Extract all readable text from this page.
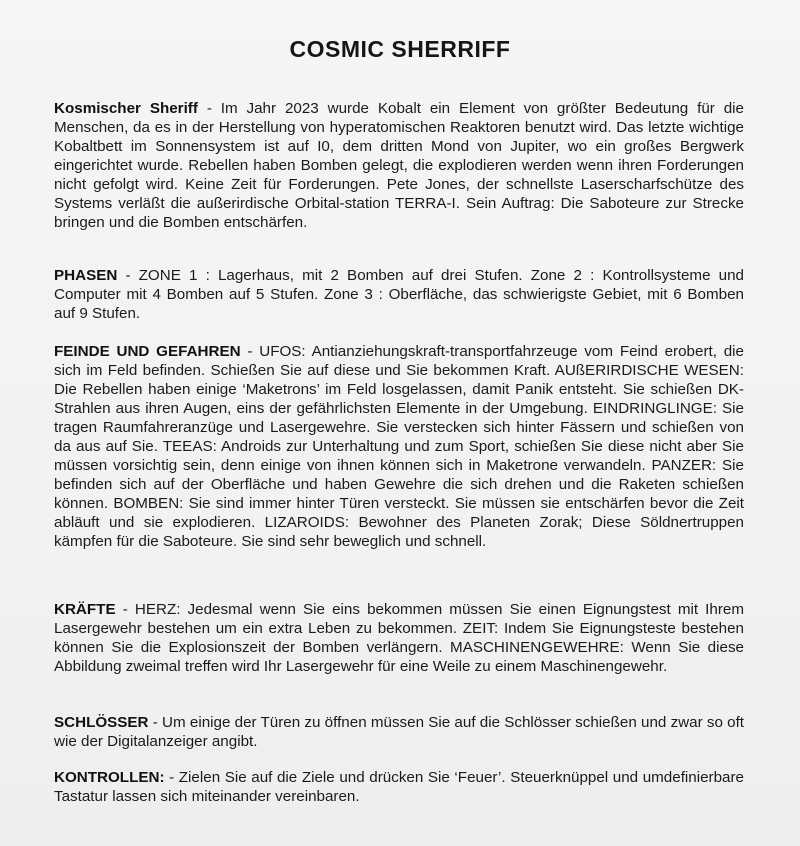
COSMIC SHERRIFF
Kosmischer Sheriff - Im Jahr 2023 wurde Kobalt ein Element von größter Bedeutung für die Menschen, da es in der Herstellung von hyperatomischen Reaktoren benutzt wird. Das letzte wichtige Kobaltbett im Sonnensystem ist auf I0, dem dritten Mond von Jupiter, wo ein großes Bergwerk eingerichtet wurde. Rebellen haben Bomben gelegt, die explodieren werden wenn ihren Forderungen nicht gefolgt wird. Keine Zeit für Forderungen. Pete Jones, der schnellste Laserscharfschütze des Systems verläßt die außerirdische Orbital-station TERRA-I. Sein Auftrag: Die Saboteure zur Strecke bringen und die Bomben entschärfen.
PHASEN - ZONE 1 : Lagerhaus, mit 2 Bomben auf drei Stufen. Zone 2 : Kontrollsysteme und Computer mit 4 Bomben auf 5 Stufen. Zone 3 : Oberfläche, das schwierigste Gebiet, mit 6 Bomben auf 9 Stufen.
FEINDE UND GEFAHREN - UFOS: Antianziehungskraft-transportfahrzeuge vom Feind erobert, die sich im Feld befinden. Schießen Sie auf diese und Sie bekommen Kraft. AUßERIRDISCHE WESEN: Die Rebellen haben einige ‘Maketrons’ im Feld losgelassen, damit Panik entsteht. Sie schießen DK-Strahlen aus ihren Augen, eins der gefährlichsten Elemente in der Umgebung. EINDRINGLINGE: Sie tragen Raumfahreranzüge und Lasergewehre. Sie verstecken sich hinter Fässern und schießen von da aus auf Sie. TEEAS: Androids zur Unterhaltung und zum Sport, schießen Sie diese nicht aber Sie müssen vorsichtig sein, denn einige von ihnen können sich in Maketrone verwandeln. PANZER: Sie befinden sich auf der Oberfläche und haben Gewehre die sich drehen und die Raketen schießen können. BOMBEN: Sie sind immer hinter Türen versteckt. Sie müssen sie entschärfen bevor die Zeit abläuft und sie explodieren. LIZAROIDS: Bewohner des Planeten Zorak; Diese Söldnertruppen kämpfen für die Saboteure. Sie sind sehr beweglich und schnell.
KRÄFTE - HERZ: Jedesmal wenn Sie eins bekommen müssen Sie einen Eignungstest mit Ihrem Lasergewehr bestehen um ein extra Leben zu bekommen. ZEIT: Indem Sie Eignungsteste bestehen können Sie die Explosionszeit der Bomben verlängern. MASCHINENGEWEHRE: Wenn Sie diese Abbildung zweimal treffen wird Ihr Lasergewehr für eine Weile zu einem Maschinengewehr.
SCHLÖSSER - Um einige der Türen zu öffnen müssen Sie auf die Schlösser schießen und zwar so oft wie der Digitalanzeiger angibt.
KONTROLLEN: - Zielen Sie auf die Ziele und drücken Sie ‘Feuer’. Steuerknüppel und umdefinierbare Tastatur lassen sich miteinander vereinbaren.
